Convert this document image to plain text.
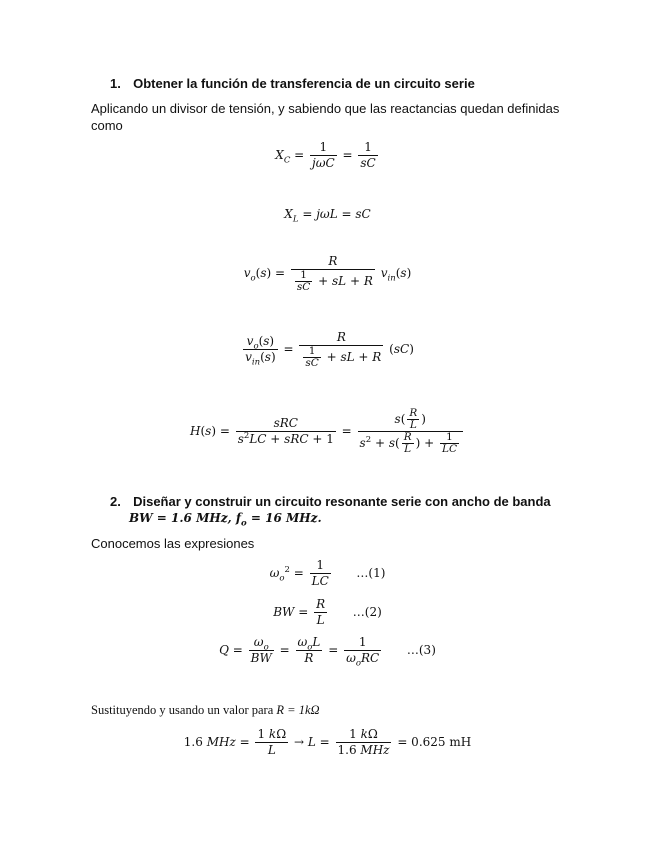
1. Obtener la función de transferencia de un circuito serie
Aplicando un divisor de tensión, y sabiendo que las reactancias quedan definidas
como
$X_C = \frac{1}{\text{jωC}} = \frac{1}{sC}$
$X_L = j\omega L$ = sC
$v_o(s) = \frac{R}{\frac{1}{sC} + sL + R} v_{in}(s)$
$\frac{v_o(s)}{v_{in}(s)} = \frac{R}{\frac{1}{sC} + sL + R} (sC)$
$H(s) = \frac{\text{sRC}}{s^2LC + sRC + 1} = \frac{s( \frac{R}{L} )}{s^2 + s( \frac{R}{L} ) + \frac{1}{LC}}$
2. Diseñar y construir un circuito resonante serie con ancho de banda
BW = 1.6 MHz, $f_o = 16$ MHz.
Conocemos las expresiones
$\omega_o^2 = \frac{1}{LC}$ …(1)
BW = $\frac{R}{L}$ …(2)
$Q = \frac{\omega_o}{BW} = \frac{\omega_oL}{R} = \frac{1}{\omega_oRC}$ …(3)
Sustituyendo y usando un valor para R = 1kΩ
1.6 MHz = $\frac{1 k\Omega}{L} \to L = \frac{1 k\Omega}{\text{1.6 MHz}} = 0.625$ mH
